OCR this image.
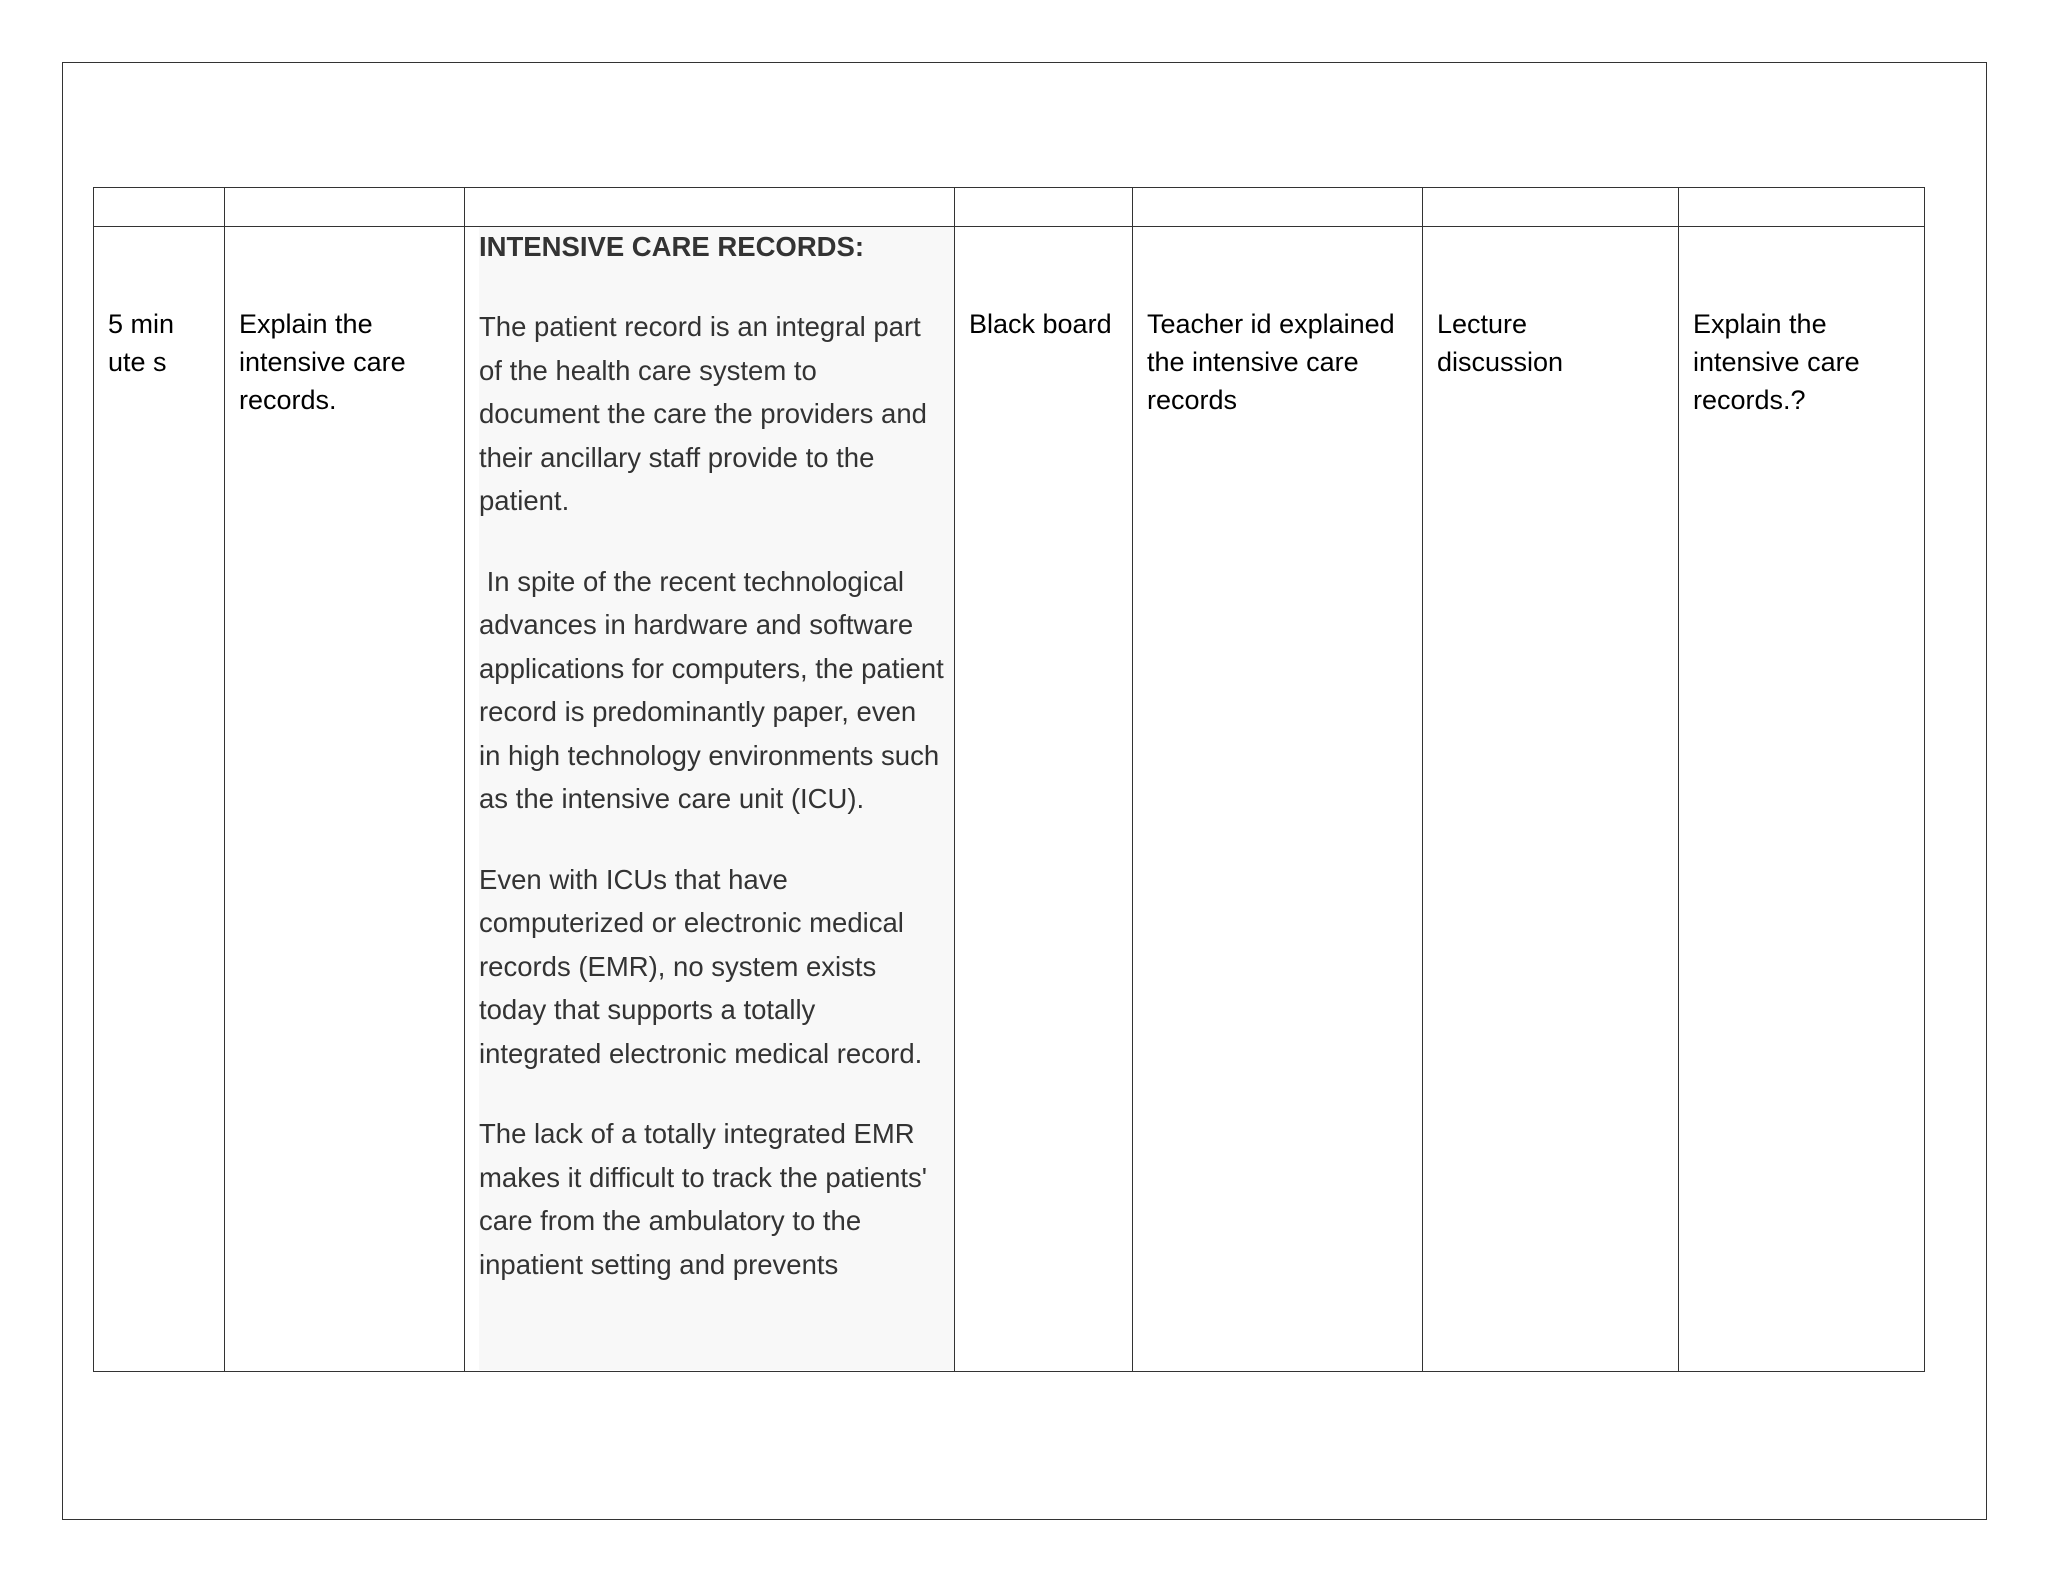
5 minute s	Explain the intensive care records.	INTENSIVE CARE RECORDS:

The patient record is an integral part of the health care system to document the care the providers and their ancillary staff provide to the patient.

In spite of the recent technological advances in hardware and software applications for computers, the patient record is predominantly paper, even in high technology environments such as the intensive care unit (ICU).

Even with ICUs that have computerized or electronic medical records (EMR), no system exists today that supports a totally integrated electronic medical record.

The lack of a totally integrated EMR makes it difficult to track the patients' care from the ambulatory to the inpatient setting and prevents	Black board	Teacher id explained the intensive care records	Lecture discussion	Explain the intensive care records.?
